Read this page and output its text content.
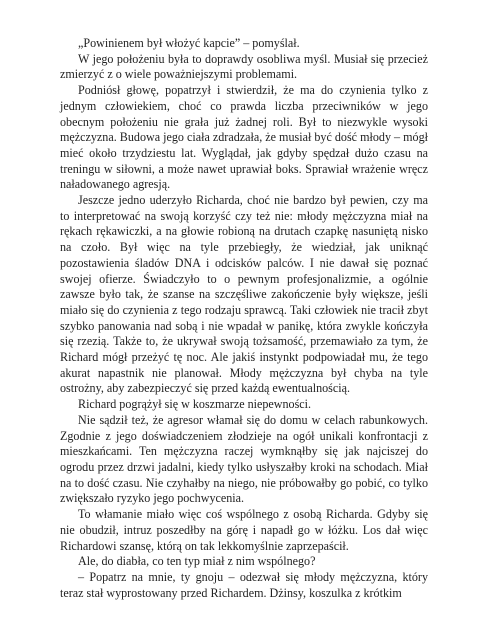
„Powinienem był włożyć kapcie” – pomyślał.

W jego położeniu była to doprawdy osobliwa myśl. Musiał się przecież zmierzyć z o wiele poważniejszymi problemami.

Podniósł głowę, popatrzył i stwierdził, że ma do czynienia tylko z jednym człowiekiem, choć co prawda liczba przeciwników w jego obecnym położeniu nie grała już żadnej roli. Był to niezwykle wysoki mężczyzna. Budowa jego ciała zdradzała, że musiał być dość młody – mógł mieć około trzydziestu lat. Wyglądał, jak gdyby spędzał dużo czasu na treningu w siłowni, a może nawet uprawiał boks. Sprawiał wrażenie wręcz naładowanego agresją.

Jeszcze jedno uderzyło Richarda, choć nie bardzo był pewien, czy ma to interpretować na swoją korzyść czy też nie: młody mężczyzna miał na rękach rękawiczki, a na głowie robioną na drutach czapkę nasuniętą nisko na czoło. Był więc na tyle przebiegły, że wiedział, jak uniknąć pozostawienia śladów DNA i odcisków palców. I nie dawał się poznać swojej ofierze. Świadczyło to o pewnym profesjonalizmie, a ogólnie zawsze było tak, że szanse na szczęśliwe zakończenie były większe, jeśli miało się do czynienia z tego rodzaju sprawcą. Taki człowiek nie tracił zbyt szybko panowania nad sobą i nie wpadał w panikę, która zwykle kończyła się rzezią. Także to, że ukrywał swoją tożsamość, przemawiało za tym, że Richard mógł przeżyć tę noc. Ale jakiś instynkt podpowiadał mu, że tego akurat napastnik nie planował. Młody mężczyzna był chyba na tyle ostrożny, aby zabezpieczyć się przed każdą ewentualnością.

Richard pogrążył się w koszmarze niepewności.

Nie sądził też, że agresor włamał się do domu w celach rabunkowych. Zgodnie z jego doświadczeniem złodzieje na ogół unikali konfrontacji z mieszkańcami. Ten mężczyzna raczej wymknąłby się jak najciszej do ogrodu przez drzwi jadalni, kiedy tylko usłyszałby kroki na schodach. Miał na to dość czasu. Nie czyhałby na niego, nie próbowałby go pobić, co tylko zwiększało ryzyko jego pochwycenia.

To włamanie miało więc coś wspólnego z osobą Richarda. Gdyby się nie obudził, intruz poszedłby na górę i napadł go w łóżku. Los dał więc Richardowi szansę, którą on tak lekkomyślnie zaprzepaścił.

Ale, do diabła, co ten typ miał z nim wspólnego?

– Popatrz na mnie, ty gnoju – odezwał się młody mężczyzna, który teraz stał wyprostowany przed Richardem. Dżinsy, koszulka z krótkim
